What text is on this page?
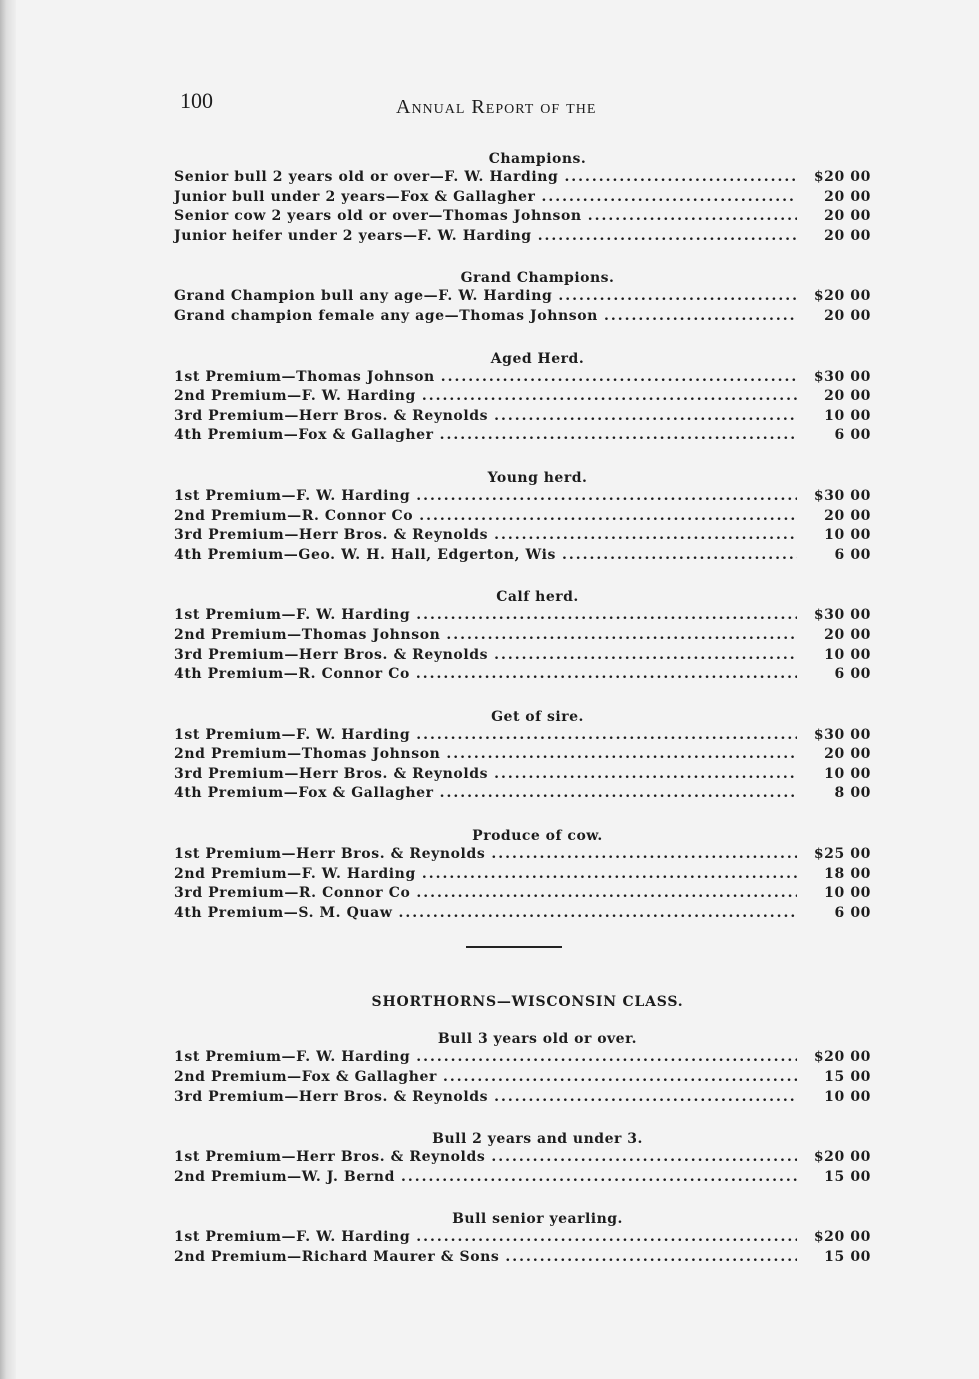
100	Annual Report of the
Champions.
Senior bull 2 years old or over—F. W. Harding .....	$20 00
Junior bull under 2 years—Fox & Gallagher .....	20 00
Senior cow 2 years old or over—Thomas Johnson .....	20 00
Junior heifer under 2 years—F. W. Harding .....	20 00
Grand Champions.
Grand Champion bull any age—F. W. Harding .....	$20 00
Grand champion female any age—Thomas Johnson .....	20 00
Aged Herd.
1st Premium—Thomas Johnson .....	$30 00
2nd Premium—F. W. Harding .....	20 00
3rd Premium—Herr Bros. & Reynolds .....	10 00
4th Premium—Fox & Gallagher .....	6 00
Young herd.
1st Premium—F. W. Harding .....	$30 00
2nd Premium—R. Connor Co .....	20 00
3rd Premium—Herr Bros. & Reynolds .....	10 00
4th Premium—Geo. W. H. Hall, Edgerton, Wis .....	6 00
Calf herd.
1st Premium—F. W. Harding .....	$30 00
2nd Premium—Thomas Johnson .....	20 00
3rd Premium—Herr Bros. & Reynolds .....	10 00
4th Premium—R. Connor Co .....	6 00
Get of sire.
1st Premium—F. W. Harding .....	$30 00
2nd Premium—Thomas Johnson .....	20 00
3rd Premium—Herr Bros. & Reynolds .....	10 00
4th Premium—Fox & Gallagher .....	8 00
Produce of cow.
1st Premium—Herr Bros. & Reynolds .....	$25 00
2nd Premium—F. W. Harding .....	18 00
3rd Premium—R. Connor Co .....	10 00
4th Premium—S. M. Quaw .....	6 00
SHORTHORNS—WISCONSIN CLASS.
Bull 3 years old or over.
1st Premium—F. W. Harding .....	$20 00
2nd Premium—Fox & Gallagher .....	15 00
3rd Premium—Herr Bros. & Reynolds .....	10 00
Bull 2 years and under 3.
1st Premium—Herr Bros. & Reynolds .....	$20 00
2nd Premium—W. J. Bernd .....	15 00
Bull senior yearling.
1st Premium—F. W. Harding .....	$20 00
2nd Premium—Richard Maurer & Sons .....	15 00
